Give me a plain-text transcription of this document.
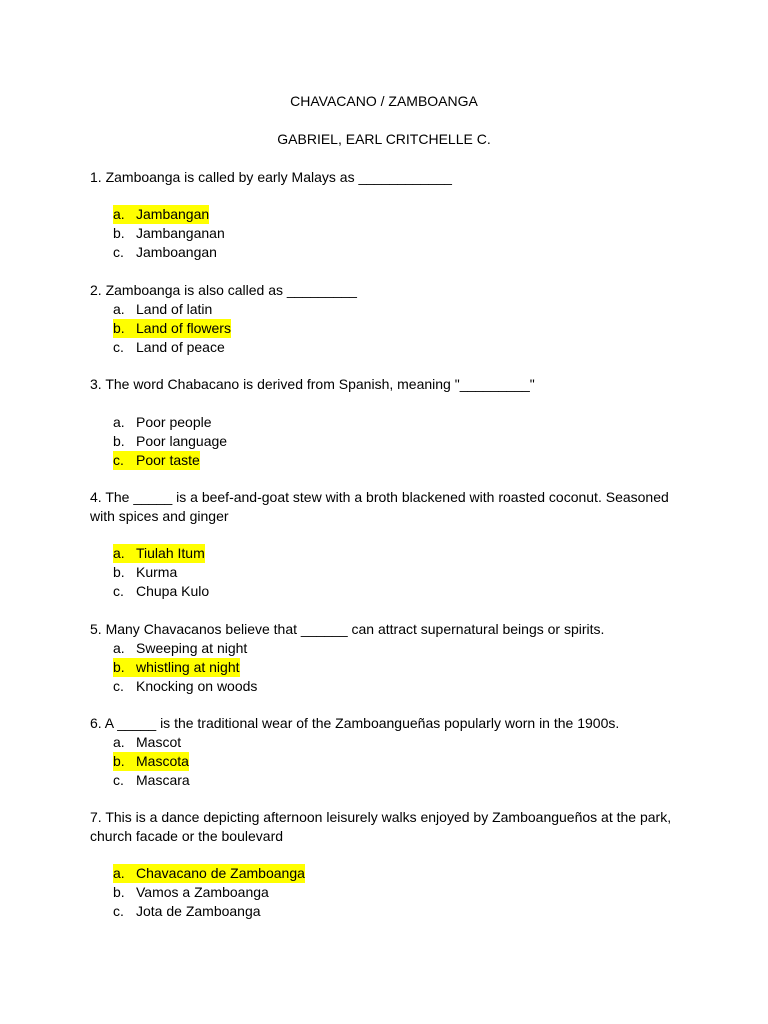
CHAVACANO / ZAMBOANGA
GABRIEL, EARL CRITCHELLE C.
1. Zamboanga is called by early Malays as ____________
a. Jambangan
b. Jambanganan
c. Jamboangan
2. Zamboanga is also called as _________
a. Land of latin
b. Land of flowers
c. Land of peace
3. The word Chabacano is derived from Spanish, meaning "_________"
a. Poor people
b. Poor language
c. Poor taste
4. The _____ is a beef-and-goat stew with a broth blackened with roasted coconut. Seasoned with spices and ginger
a. Tiulah Itum
b. Kurma
c. Chupa Kulo
5. Many Chavacanos believe that ______ can attract supernatural beings or spirits.
a. Sweeping at night
b. whistling at night
c. Knocking on woods
6. A _____ is the traditional wear of the Zamboangueñas popularly worn in the 1900s.
a. Mascot
b. Mascota
c. Mascara
7. This is a dance depicting afternoon leisurely walks enjoyed by Zamboangueños at the park, church facade or the boulevard
a. Chavacano de Zamboanga
b. Vamos a Zamboanga
c. Jota de Zamboanga
